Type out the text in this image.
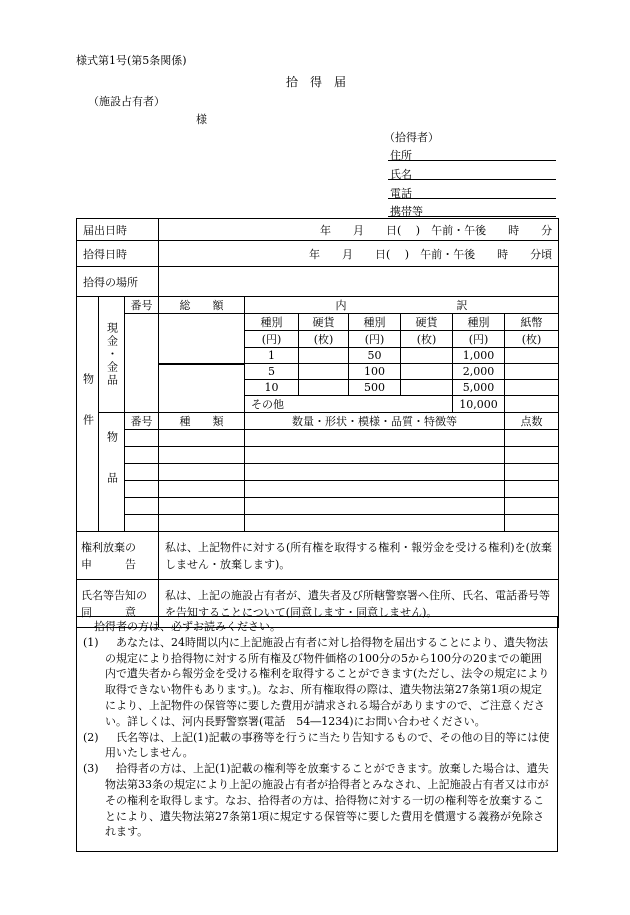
様式第1号(第5条関係)
拾　得　届
（施設占有者）
様
（拾得者）
住所
氏名
電話
携帯等
届出日時			年　　月　　日(　 )　午前・午後　　時　　分						

拾得日時			年　　月　　日(　 )　午前・午後　　時　　分頃						
拾得の場所									

物件	現金・金品	番号	総　　額	内　　　　　　　　　　訳					
				種別	硬貨	種別	硬貨	種別	紙幣
				(円)	(枚)	(円)	(枚)	(円)	(枚)
				1		50		1,000	
				5		100		2,000	
				10		500		5,000	
				その他				10,000	

	物品	番号	種　　類	数量・形状・模様・品質・特徴等					点数

権利放棄の
申　　　告			私は、上記物件に対する(所有権を取得する権利・報労金を受ける権利)を(放棄しません・放棄します)。						

氏名等告知の
同　　　意			私は、上記の施設占有者が、遺失者及び所轄警察署へ住所、氏名、電話番号等を告知することについて(同意します・同意しません)。						

拾得者の方は、必ずお読みください。

(1)	あなたは、24時間以内に上記施設占有者に対し拾得物を届出することにより、遺失物法の規定により拾得物に対する所有権及び物件価格の100分の5から100分の20までの範囲内で遺失者から報労金を受ける権利を取得することができます(ただし、法令の規定により取得できない物件もあります。)。なお、所有権取得の際は、遺失物法第27条第1項の規定により、上記物件の保管等に要した費用が請求される場合がありますので、ご注意ください。詳しくは、河内長野警察署(電話　54―1234)にお問い合わせください。
(2)	氏名等は、上記(1)記載の事務等を行うに当たり告知するもので、その他の目的等には使用いたしません。
(3)	拾得者の方は、上記(1)記載の権利等を放棄することができます。放棄した場合は、遺失物法第33条の規定により上記の施設占有者が拾得者とみなされ、上記施設占有者又は市がその権利を取得します。なお、拾得者の方は、拾得物に対する一切の権利等を放棄することにより、遺失物法第27条第1項に規定する保管等に要した費用を償還する義務が免除されます。
